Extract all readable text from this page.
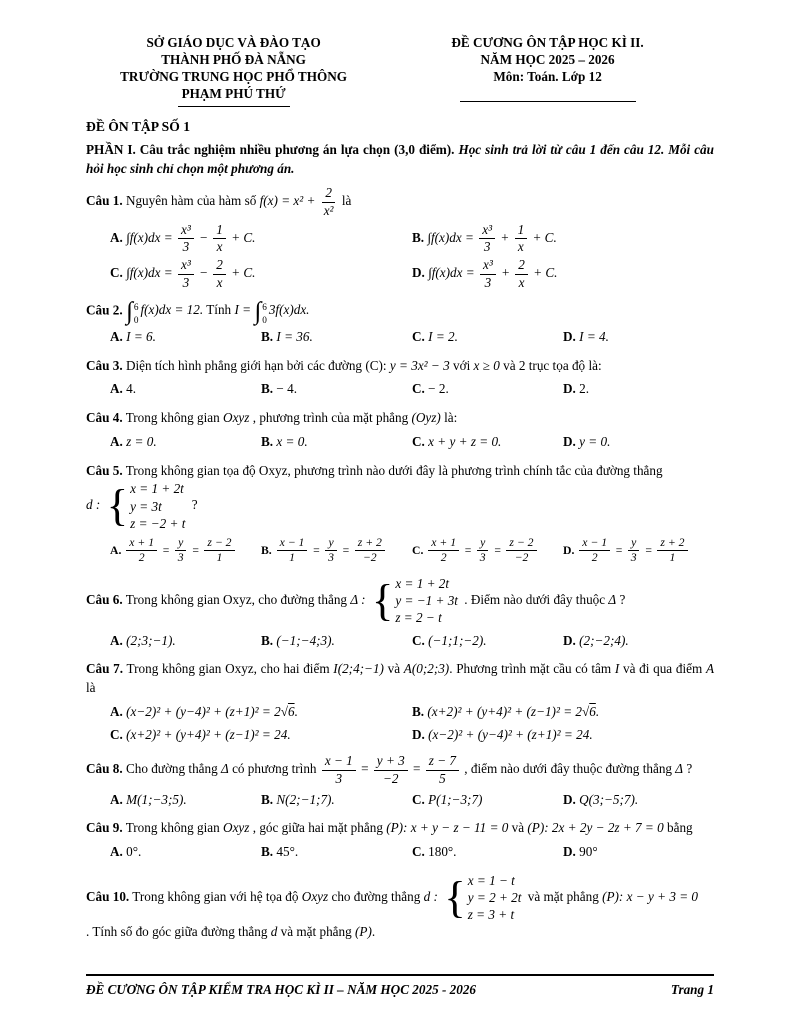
SỞ GIÁO DỤC VÀ ĐÀO TẠO
THÀNH PHỐ ĐÀ NẴNG
TRƯỜNG TRUNG HỌC PHỔ THÔNG
PHẠM PHÚ THỨ
ĐỀ CƯƠNG ÔN TẬP HỌC KÌ II.
NĂM HỌC 2025 – 2026
Môn: Toán. Lớp 12
ĐỀ ÔN TẬP SỐ 1
PHẦN I. Câu trắc nghiệm nhiều phương án lựa chọn (3,0 điểm). Học sinh trả lời từ câu 1 đến câu 12. Mỗi câu hỏi học sinh chỉ chọn một phương án.
Câu 1. Nguyên hàm của hàm số $f(x) = x^2 + \frac{2}{\text{x²}}$ là
A. $\int f(x)dx = \frac{\text{x³}}{3} - \frac{1}{x} + C$.	B. $\int f(x)dx = \frac{\text{x³}}{3} + \frac{1}{x} + C$.
C. $\int f(x)dx = \frac{\text{x³}}{3} - \frac{2}{x} + C$.	D. $\int f(x)dx = \frac{\text{x³}}{3} + \frac{2}{x} + C$.
Câu 2. ∫ 6
0
f(x)dx = 12. Tính I = ∫ 6
0
3f(x)dx.
A. I = 6.	B. I = 36.	C. I = 2.	D. I = 4.
Câu 3. Diện tích hình phẳng giới hạn bởi các đường (C): y = 3x² − 3 với x ≥ 0 và 2 trục tọa độ là:
A. 4.	B. − 4.	C. − 2.	D. 2.
Câu 4. Trong không gian Oxyz , phương trình của mặt phẳng (Oyz) là:
A. z = 0.	B. x = 0.	C. x + y + z = 0.	D. y = 0.
Câu 5. Trong không gian tọa độ Oxyz, phương trình nào dưới đây là phương trình chính tắc của đường thẳng
d : { x = 1 + 2t
y = 3t
z = −2 + t
?
A. $\frac{x + 1}{2} = \frac{y}{3} = \frac{z - 2}{1} B$. $\frac{x - 1}{1} = \frac{y}{3} = \frac{z + 2}{-2} C$. $\frac{x + 1}{2} = \frac{y}{3} = \frac{z - 2}{-2} D$. $\frac{x - 1}{2} = \frac{y}{3} = \frac{z + 2}{1}$
Câu 6. Trong không gian Oxyz, cho đường thẳng Δ : { x = 1 + 2t
y = −1 + 3t
z = 2 − t
. Điểm nào dưới đây thuộc Δ ?
A. (2;3;−1).	B. (−1;−4;3).	C. (−1;1;−2).	D. (2;−2;4).
Câu 7. Trong không gian Oxyz, cho hai điểm I(2;4;−1) và A(0;2;3). Phương trình mặt cầu có tâm I và đi qua điểm A là
A. (x−2)² + (y−4)² + (z+1)² = 2√6.	B. (x+2)² + (y+4)² + (z−1)² = 2√6.
C. (x+2)² + (y+4)² + (z−1)² = 24.	D. (x−2)² + (y−4)² + (z+1)² = 24.
Câu 8. Cho đường thẳng Δ có phương trình $\frac{x - 1}{3} = \frac{y + 3}{-2} = \frac{z - 7}{5}$ , điểm nào dưới đây thuộc đường thẳng Δ ?
A. M(1;−3;5).	B. N(2;−1;7).	C. P(1;−3;7)	D. Q(3;−5;7).
Câu 9. Trong không gian Oxyz , góc giữa hai mặt phẳng (P): x + y − z − 11 = 0 và (P): 2x + 2y − 2z + 7 = 0 bằng
A. 0°.	B. 45°.	C. 180°.	D. 90°
Câu 10. Trong không gian với hệ tọa độ Oxyz cho đường thẳng d : { x = 1 − t
y = 2 + 2t
z = 3 + t
và mặt phẳng (P): x − y + 3 = 0
. Tính số đo góc giữa đường thẳng d và mặt phẳng (P).
ĐỀ CƯƠNG ÔN TẬP KIỂM TRA HỌC KÌ II – NĂM HỌC 2025 - 2026	Trang 1
